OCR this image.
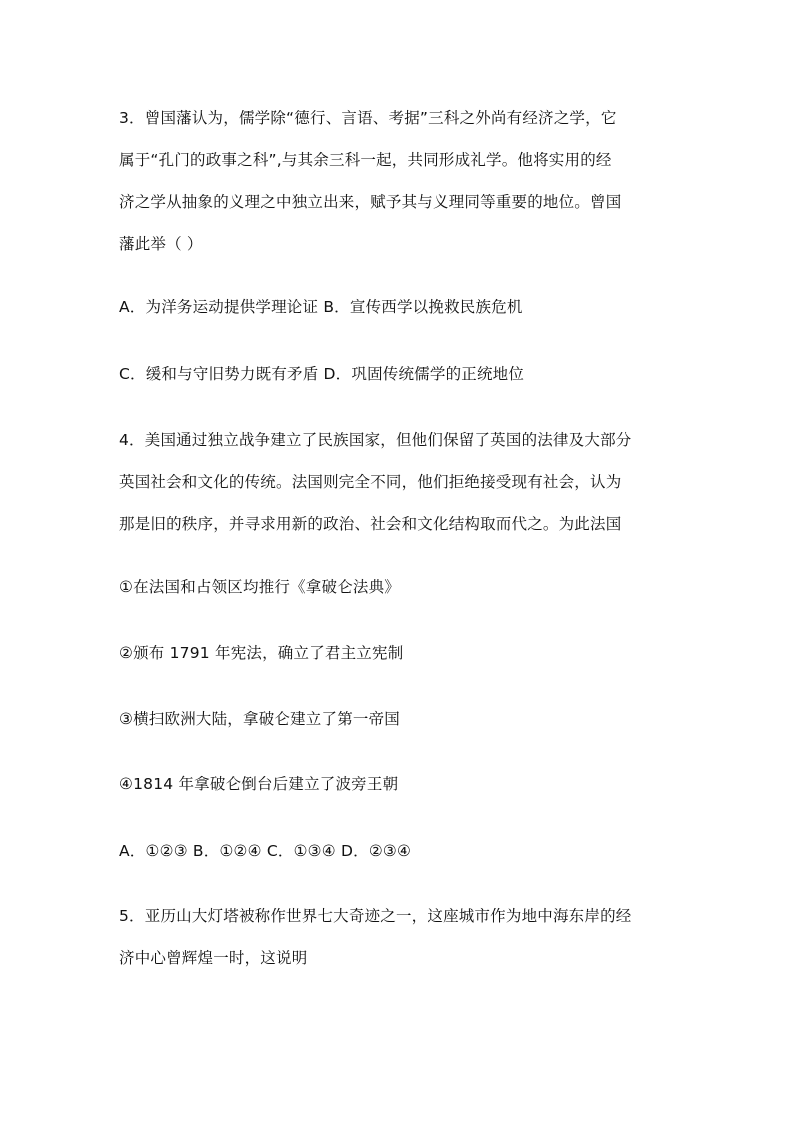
3．曾国藩认为，儒学除“德行、言语、考据”三科之外尚有经济之学，它
属于“孔门的政事之科”,与其余三科一起，共同形成礼学。他将实用的经
济之学从抽象的义理之中独立出来，赋予其与义理同等重要的地位。曾国
藩此举（ ）
A．为洋务运动提供学理论证 B．宣传西学以挽救民族危机
C．缓和与守旧势力既有矛盾 D．巩固传统儒学的正统地位
4．美国通过独立战争建立了民族国家，但他们保留了英国的法律及大部分
英国社会和文化的传统。法国则完全不同，他们拒绝接受现有社会，认为
那是旧的秩序，并寻求用新的政治、社会和文化结构取而代之。为此法国
①在法国和占领区均推行《拿破仑法典》
②颁布 1791 年宪法，确立了君主立宪制
③横扫欧洲大陆，拿破仑建立了第一帝国
④1814 年拿破仑倒台后建立了波旁王朝
A．①②③ B．①②④ C．①③④ D．②③④
5．亚历山大灯塔被称作世界七大奇迹之一，这座城市作为地中海东岸的经
济中心曾辉煌一时，这说明
